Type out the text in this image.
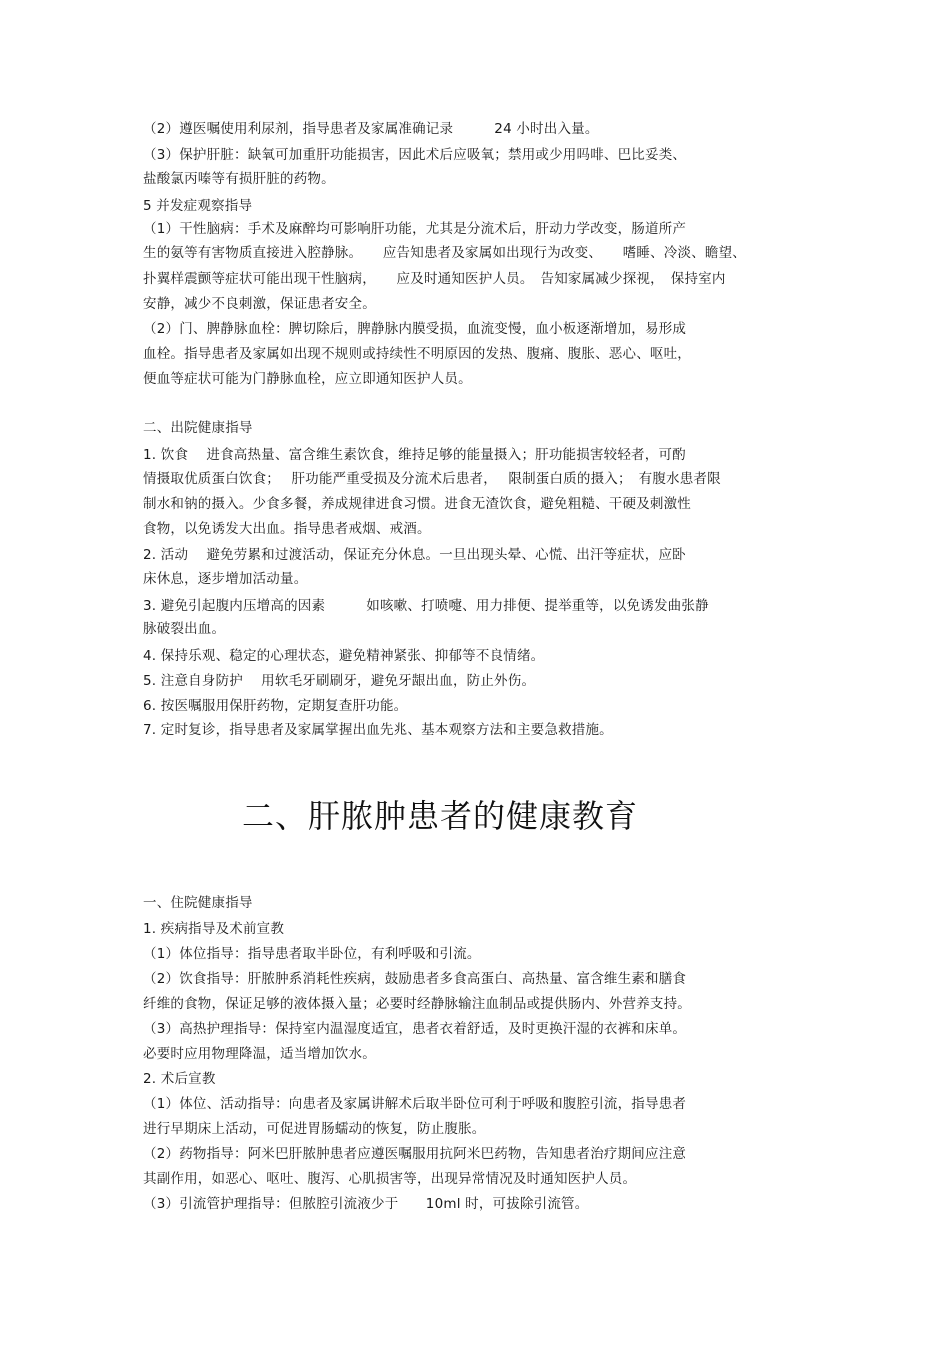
（2）遵医嘱使用利尿剂，指导患者及家属准确记录　　　24 小时出入量。
（3）保护肝脏：缺氧可加重肝功能损害，因此术后应吸氧；禁用或少用吗啡、巴比妥类、
盐酸氯丙嗪等有损肝脏的药物。
5 并发症观察指导
（1）干性脑病：手术及麻醉均可影响肝功能，尤其是分流术后，肝动力学改变，肠道所产
生的氨等有害物质直接进入腔静脉。　　应告知患者及家属如出现行为改变、　　嗜睡、冷淡、瞻望、
扑翼样震颤等症状可能出现干性脑病，　　应及时通知医护人员。　告知家属减少探视，　保持室内
安静，减少不良刺激，保证患者安全。
（2）门、脾静脉血栓：脾切除后，脾静脉内膜受损，血流变慢，血小板逐渐增加，易形成
血栓。指导患者及家属如出现不规则或持续性不明原因的发热、腹痛、腹胀、恶心、呕吐，
便血等症状可能为门静脉血栓，应立即通知医护人员。
二、出院健康指导
1. 饮食　 进食高热量、富含维生素饮食，维持足够的能量摄入；肝功能损害较轻者，可酌
情摄取优质蛋白饮食；　 肝功能严重受损及分流术后患者，　 限制蛋白质的摄入；　有腹水患者限
制水和钠的摄入。少食多餐，养成规律进食习惯。进食无渣饮食，避免粗糙、干硬及刺激性
食物，以免诱发大出血。指导患者戒烟、戒酒。
2. 活动　 避免劳累和过渡活动，保证充分休息。一旦出现头晕、心慌、出汗等症状，应卧
床休息，逐步增加活动量。
3. 避免引起腹内压增高的因素　　　如咳嗽、打喷嚏、用力排便、提举重等，以免诱发曲张静
脉破裂出血。
4. 保持乐观、稳定的心理状态，避免精神紧张、抑郁等不良情绪。
5. 注意自身防护　 用软毛牙刷刷牙，避免牙龈出血，防止外伤。
6. 按医嘱服用保肝药物，定期复查肝功能。
7. 定时复诊，指导患者及家属掌握出血先兆、基本观察方法和主要急救措施。
二、肝脓肿患者的健康教育
一、住院健康指导
1. 疾病指导及术前宣教
（1）体位指导：指导患者取半卧位，有利呼吸和引流。
（2）饮食指导：肝脓肿系消耗性疾病，鼓励患者多食高蛋白、高热量、富含维生素和膳食
纤维的食物，保证足够的液体摄入量；必要时经静脉输注血制品或提供肠内、外营养支持。
（3）高热护理指导：保持室内温湿度适宜，患者衣着舒适，及时更换汗湿的衣裤和床单。
必要时应用物理降温，适当增加饮水。
2. 术后宣教
（1）体位、活动指导：向患者及家属讲解术后取半卧位可利于呼吸和腹腔引流，指导患者
进行早期床上活动，可促进胃肠蠕动的恢复，防止腹胀。
（2）药物指导：阿米巴肝脓肿患者应遵医嘱服用抗阿米巴药物，告知患者治疗期间应注意
其副作用，如恶心、呕吐、腹泻、心肌损害等，出现异常情况及时通知医护人员。
（3）引流管护理指导：但脓腔引流液少于　　10ml 时，可拔除引流管。
